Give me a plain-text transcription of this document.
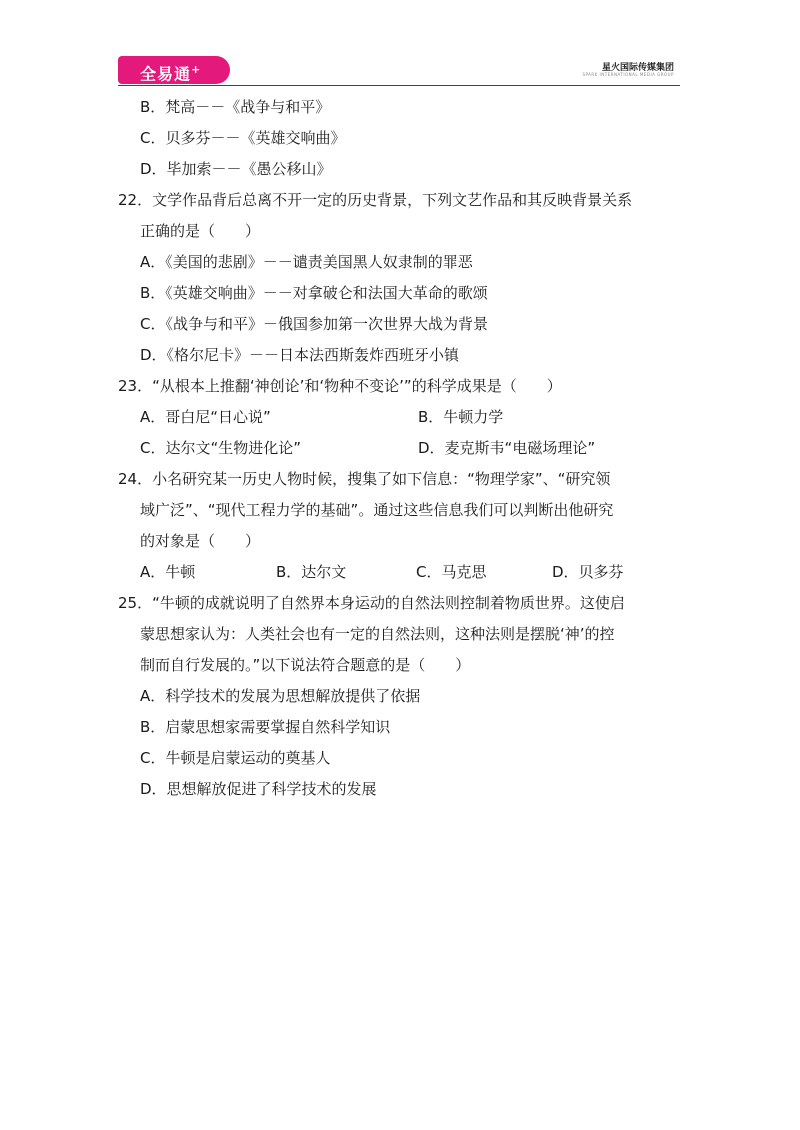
全易通+	星火国际传媒集团
SPARK INTERNATIONAL MEDIA GROUP
B．梵高－－《战争与和平》
C．贝多芬－－《英雄交响曲》
D．毕加索－－《愚公移山》
22．文学作品背后总离不开一定的历史背景，下列文艺作品和其反映背景关系
正确的是（　　）
A．《美国的悲剧》－－谴责美国黑人奴隶制的罪恶
B．《英雄交响曲》－－对拿破仑和法国大革命的歌颂
C．《战争与和平》－俄国参加第一次世界大战为背景
D．《格尔尼卡》－－日本法西斯轰炸西班牙小镇
23．“从根本上推翻‘神创论’和‘物种不变论’”的科学成果是（　　）
A．哥白尼“日心说”	B．牛顿力学
C．达尔文“生物进化论”	D．麦克斯韦“电磁场理论”
24．小名研究某一历史人物时候，搜集了如下信息：“物理学家”、“研究领
域广泛”、“现代工程力学的基础”。通过这些信息我们可以判断出他研究
的对象是（　　）
A．牛顿	B．达尔文	C．马克思	D．贝多芬
25．“牛顿的成就说明了自然界本身运动的自然法则控制着物质世界。这使启
蒙思想家认为：人类社会也有一定的自然法则，这种法则是摆脱‘神’的控
制而自行发展的。”以下说法符合题意的是（　　）
A．科学技术的发展为思想解放提供了依据
B．启蒙思想家需要掌握自然科学知识
C．牛顿是启蒙运动的奠基人
D．思想解放促进了科学技术的发展
